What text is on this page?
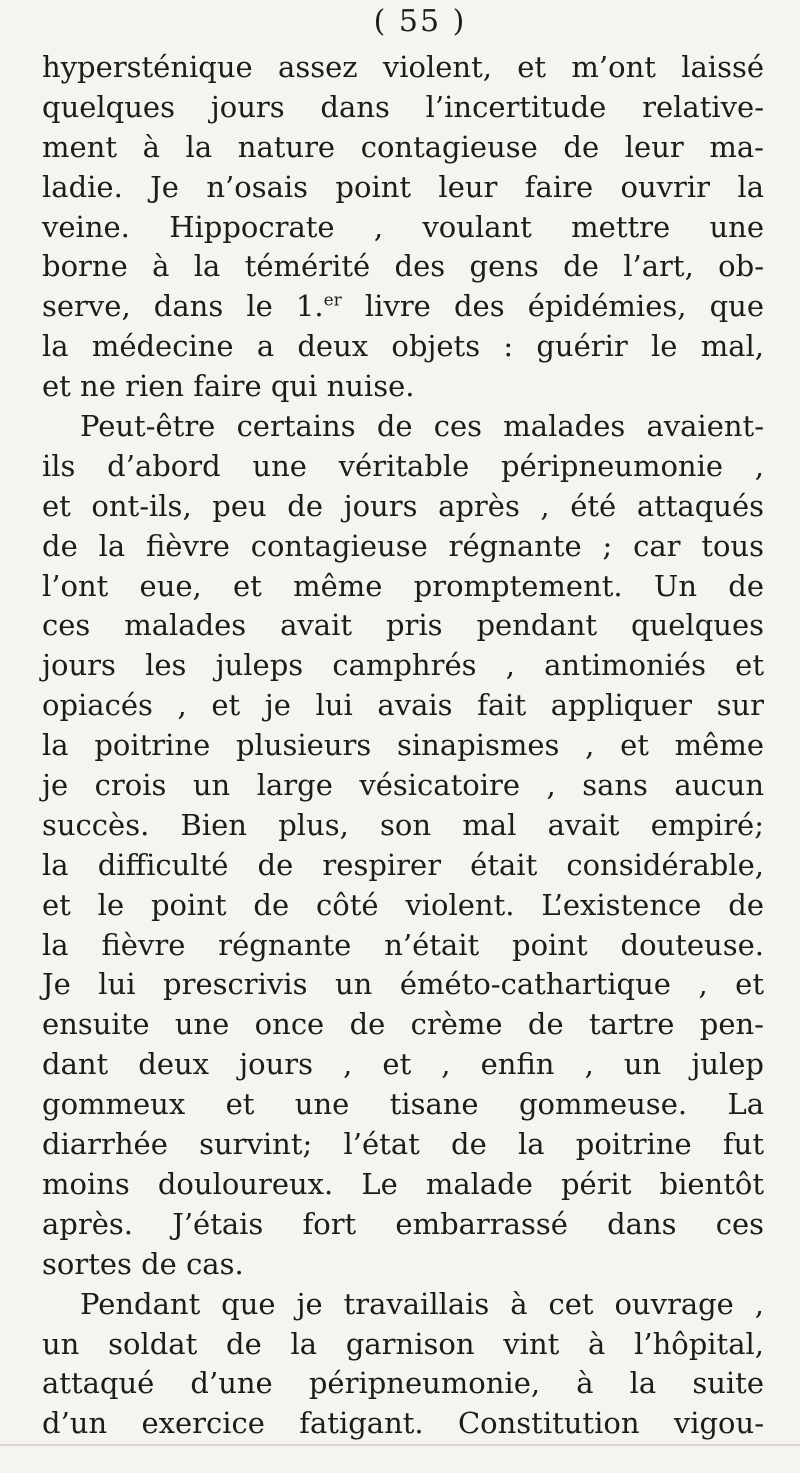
( 55 )
hypersténique assez violent, et m’ont laissé
quelques jours dans l’incertitude relative-
ment à la nature contagieuse de leur ma-
ladie. Je n’osais point leur faire ouvrir la
veine. Hippocrate , voulant mettre une
borne à la témérité des gens de l’art, ob-
serve, dans le 1.$^{er}$ livre des épidémies, que
la médecine a deux objets : guérir le mal,
et ne rien faire qui nuise.
Peut-être certains de ces malades avaient-
ils d’abord une véritable péripneumonie ,
et ont-ils, peu de jours après , été attaqués
de la fièvre contagieuse régnante ; car tous
l’ont eue, et même promptement. Un de
ces malades avait pris pendant quelques
jours les juleps camphrés , antimoniés et
opiacés , et je lui avais fait appliquer sur
la poitrine plusieurs sinapismes , et même
je crois un large vésicatoire , sans aucun
succès. Bien plus, son mal avait empiré;
la difficulté de respirer était considérable,
et le point de côté violent. L’existence de
la fièvre régnante n’était point douteuse.
Je lui prescrivis un éméto-cathartique , et
ensuite une once de crème de tartre pen-
dant deux jours , et , enfin , un julep
gommeux et une tisane gommeuse. La
diarrhée survint; l’état de la poitrine fut
moins douloureux. Le malade périt bientôt
après. J’étais fort embarrassé dans ces
sortes de cas.
Pendant que je travaillais à cet ouvrage ,
un soldat de la garnison vint à l’hôpital,
attaqué d’une péripneumonie, à la suite
d’un exercice fatigant. Constitution vigou-
